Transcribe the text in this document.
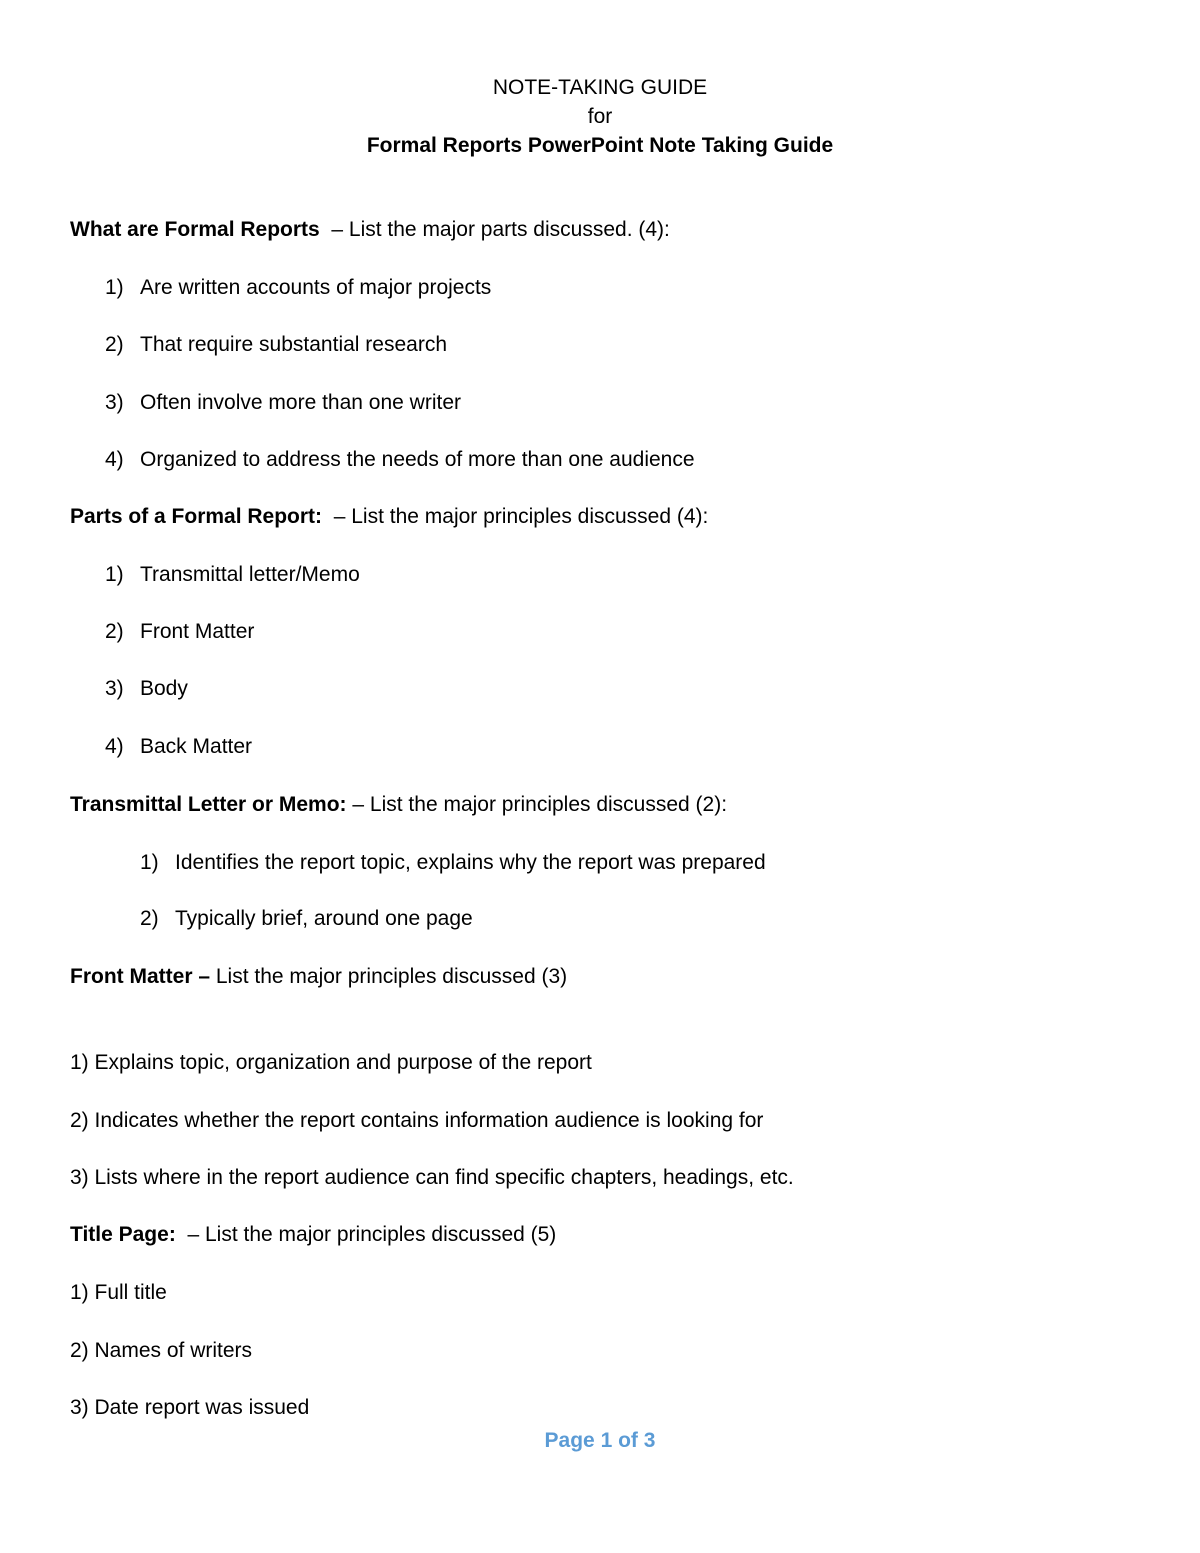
NOTE-TAKING GUIDE
for
Formal Reports PowerPoint Note Taking Guide
What are Formal Reports  – List the major parts discussed. (4):
1) Are written accounts of major projects
2) That require substantial research
3) Often involve more than one writer
4) Organized to address the needs of more than one audience
Parts of a Formal Report:  – List the major principles discussed (4):
1) Transmittal letter/Memo
2) Front Matter
3) Body
4) Back Matter
Transmittal Letter or Memo: – List the major principles discussed (2):
1) Identifies the report topic, explains why the report was prepared
2) Typically brief, around one page
Front Matter – List the major principles discussed (3)
1) Explains topic, organization and purpose of the report
2) Indicates whether the report contains information audience is looking for
3) Lists where in the report audience can find specific chapters, headings, etc.
Title Page:  – List the major principles discussed (5)
1) Full title
2) Names of writers
3) Date report was issued
Page 1 of 3
